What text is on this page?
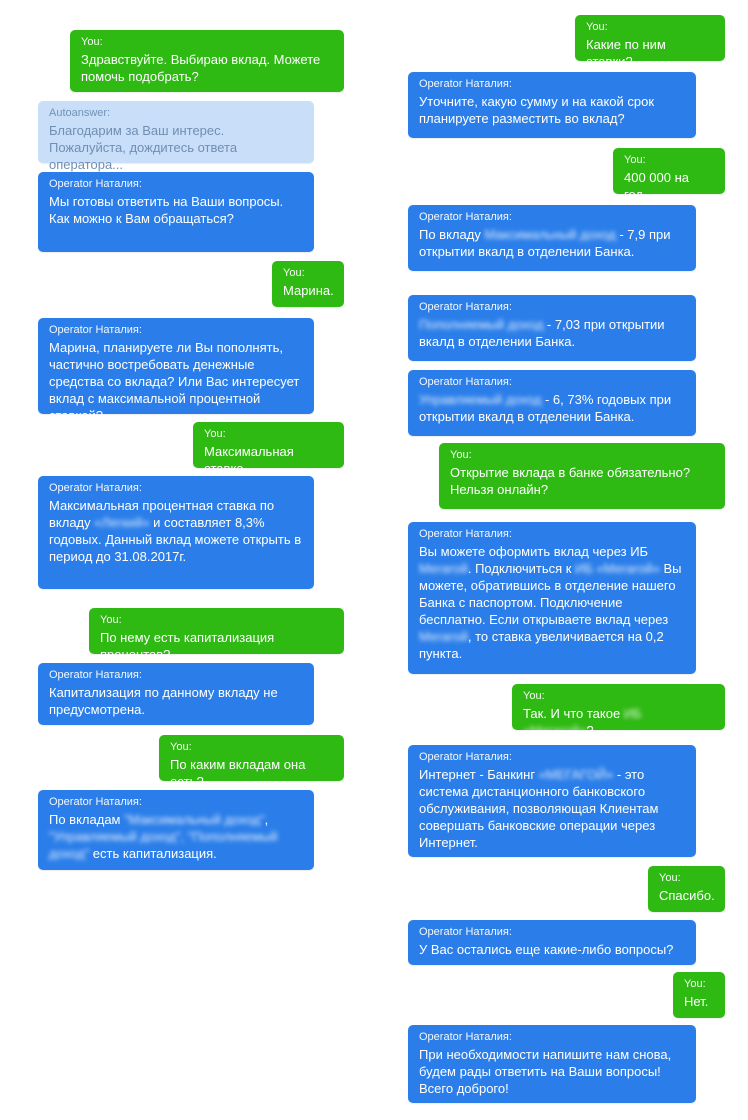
You:
Здравствуйте. Выбираю вклад. Можете помочь подобрать?
Autoanswer:
Благодарим за Ваш интерес. Пожалуйста, дождитесь ответа оператора...
Operator Наталия:
Мы готовы ответить на Ваши вопросы. Как можно к Вам обращаться?
You:
Марина.
Operator Наталия:
Марина, планируете ли Вы пополнять, частично востребовать денежные средства со вклада? Или Вас интересует вклад с максимальной процентной ставкой?
You:
Максимальная ставка.
Operator Наталия:
Максимальная процентная ставка по вкладу «Легкий» и составляет 8,3% годовых. Данный вклад можете открыть в период до 31.08.2017г.
You:
По нему есть капитализация процентов?
Operator Наталия:
Капитализация по данному вкладу не предусмотрена.
You:
По каким вкладам она есть?
Operator Наталия:
По вкладам "Максимальный доход", "Управляемый доход", "Пополняемый доход" есть капитализация.
You:
Какие по ним ставки?
Operator Наталия:
Уточните, какую сумму и на какой срок планируете разместить во вклад?
You:
400 000 на год.
Operator Наталия:
По вкладу Максимальный доход - 7,9 при открытии вкалд в отделении Банка.
Operator Наталия:
Пополняемый доход - 7,03 при открытии вкалд в отделении Банка.
Operator Наталия:
Управляемый доход - 6, 73% годовых при открытии вкалд в отделении Банка.
You:
Открытие вклада в банке обязательно? Нельзя онлайн?
Operator Наталия:
Вы можете оформить вклад через ИБ Мегагой. Подключиться к ИБ «Мегагой» Вы можете, обратившись в отделение нашего Банка с паспортом. Подключение бесплатно. Если открываете вклад через Мегагой, то ставка увеличивается на 0,2 пункта.
You:
Так. И что такое ИБ «Мегагой»?
Operator Наталия:
Интернет - Банкинг «МЕГАГОЙ» - это система дистанционного банковского обслуживания, позволяющая Клиентам совершать банковские операции через Интернет.
You:
Спасибо.
Operator Наталия:
У Вас остались еще какие-либо вопросы?
You:
Нет.
Operator Наталия:
При необходимости напишите нам снова, будем рады ответить на Ваши вопросы! Всего доброго!
